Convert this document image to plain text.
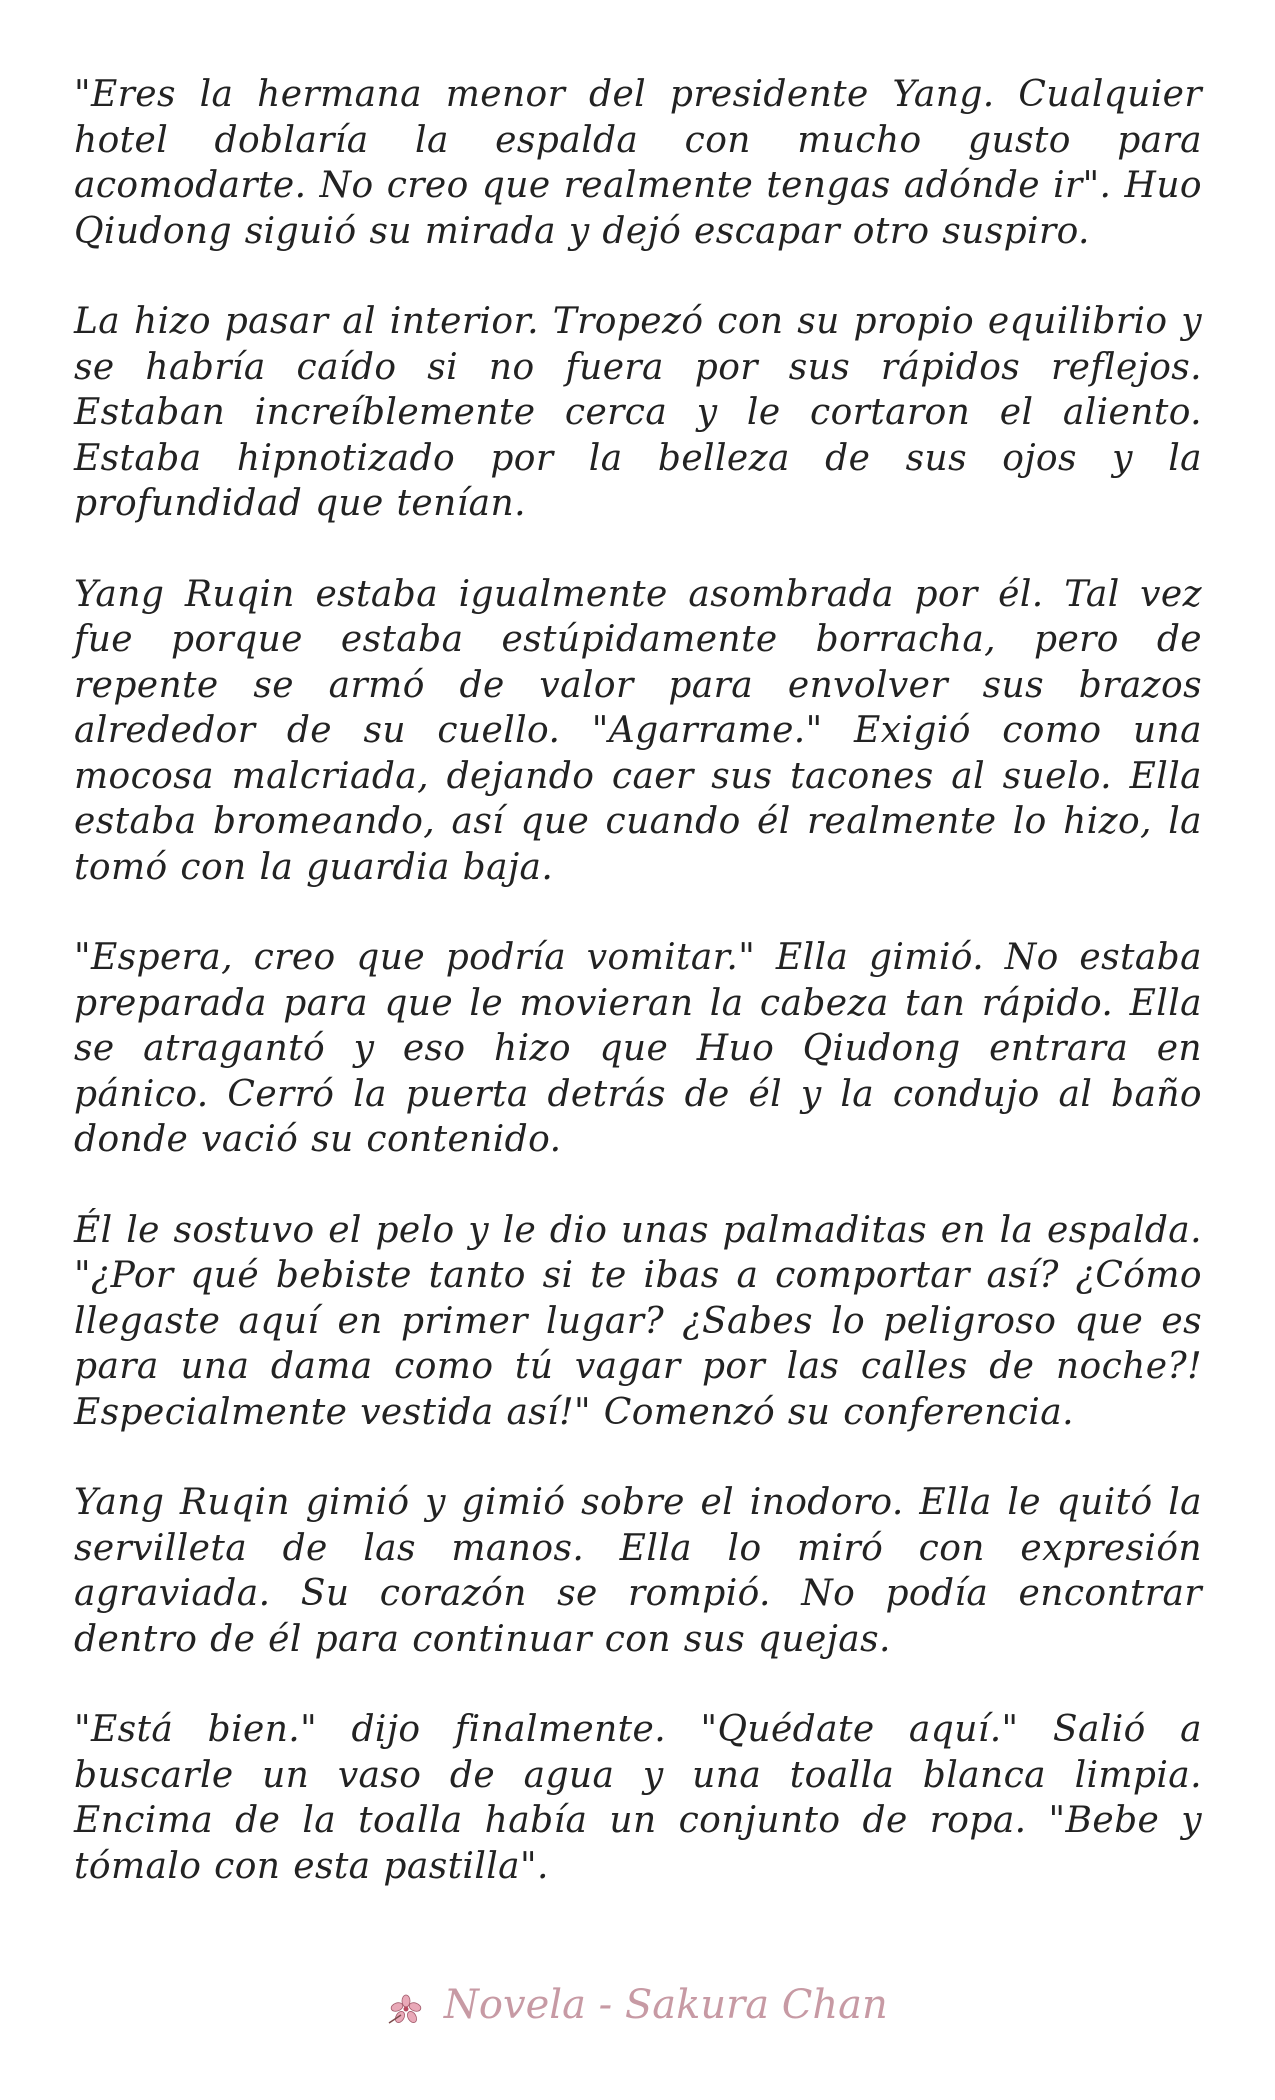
"Eres la hermana menor del presidente Yang. Cualquier hotel doblaría la espalda con mucho gusto para acomodarte. No creo que realmente tengas adónde ir". Huo Qiudong siguió su mirada y dejó escapar otro suspiro.

La hizo pasar al interior. Tropezó con su propio equilibrio y se habría caído si no fuera por sus rápidos reflejos. Estaban increíblemente cerca y le cortaron el aliento. Estaba hipnotizado por la belleza de sus ojos y la profundidad que tenían.

Yang Ruqin estaba igualmente asombrada por él. Tal vez fue porque estaba estúpidamente borracha, pero de repente se armó de valor para envolver sus brazos alrededor de su cuello. "Agarrame." Exigió como una mocosa malcriada, dejando caer sus tacones al suelo. Ella estaba bromeando, así que cuando él realmente lo hizo, la tomó con la guardia baja.

"Espera, creo que podría vomitar." Ella gimió. No estaba preparada para que le movieran la cabeza tan rápido. Ella se atragantó y eso hizo que Huo Qiudong entrara en pánico. Cerró la puerta detrás de él y la condujo al baño donde vació su contenido.

Él le sostuvo el pelo y le dio unas palmaditas en la espalda. "¿Por qué bebiste tanto si te ibas a comportar así? ¿Cómo llegaste aquí en primer lugar? ¿Sabes lo peligroso que es para una dama como tú vagar por las calles de noche?! Especialmente vestida así!" Comenzó su conferencia.

Yang Ruqin gimió y gimió sobre el inodoro. Ella le quitó la servilleta de las manos. Ella lo miró con expresión agraviada. Su corazón se rompió. No podía encontrar dentro de él para continuar con sus quejas.

"Está bien." dijo finalmente. "Quédate aquí." Salió a buscarle un vaso de agua y una toalla blanca limpia. Encima de la toalla había un conjunto de ropa. "Bebe y tómalo con esta pastilla".

Novela - Sakura Chan
